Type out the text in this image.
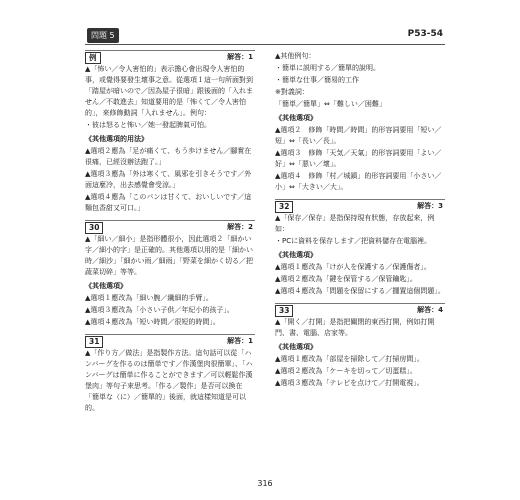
問題 5	P53-54
例	解答：1

▲「怖い／令人害怕的」表示擔心會出現令人害怕的事，或覺得要發生壞事之意。從選項１這一句所面對到「踏屋が暗いので／因為屋子很暗」跟後面的「入れません／不敢進去」知道要用的是「怖くて／令人害怕的」，來修飾動詞「入れません」。例句：

・彼は怒ると怖い／她一發起脾氣可怕。

《其他選項的用法》

▲選項２應為「足が痛くて、もう歩けません／腳實在很痛，已經沒辦法跑了。」

▲選項３應為「外は寒くて、風邪を引きそうです／外面這麼冷，出去感覺會受涼。」

▲選項４應為「このパンは甘くて、おいしいです／這麵包香甜又可口。」

30	解答：2

▲「細い／細小」是指形體很小，因此選項２「細かい字／細小的字」是正確的。其他選項以用的是「細かい時／細沙」「細かい雨／細雨」「野菜を細かく切る／把蔬菜切碎」等等。

《其他選項》

▲選項１應改為「細い腕／纖細的手臂」。

▲選項３應改為「小さい子供／年紀小的孩子」。

▲選項４應改為「短い時間／很短的時間」。

31	解答：1

▲「作り方／做法」是指製作方法。這句話可以從「ハンバーグを作るのは簡単です／作漢堡肉很簡單」、「ハンバーグは簡単に作ることができます／可以輕鬆作漢堡肉」等句子來思考。「作る／製作」是否可以換在「簡単な（に）／簡單的」後面，就這樣知道是可以的。

▲其他例句：

・簡単に説明する／簡單的說明。

・簡単な仕事／簡易的工作

※對義詞：

「簡単／簡單」⇔「難しい／困難」

《其他選項》

▲選項２　修飾「時間／時間」的形容詞要用「短い／短」⇔「長い／長」。

▲選項３　修飾「天気／天氣」的形容詞要用「よい／好」⇔「悪い／壞」。

▲選項４　修飾「村／城鎮」的形容詞要用「小さい／小」⇔「大きい／大」。

32	解答：3

▲「保存／保存」是指保持現有狀態，存放起來，例如：

・PCに資料を保存します／把資料儲存在電腦裡。

《其他選項》

▲選項１應改為「けが人を保護する／保護傷者」。

▲選項２應改為「鍵を保管する／保管鑰匙」。

▲選項４應改為「問題を保留にする／擱置這個問題」。

33	解答：4

▲「開く／打開」是指把關閉的東西打開，例如打開門、書、電腦、店家等。

《其他選項》

▲選項１應改為「部屋を掃除して／打掃房間」。

▲選項２應改為「ケーキを切って／切蛋糕」。

▲選項３應改為「テレビを点けて／打開電視」。

316
